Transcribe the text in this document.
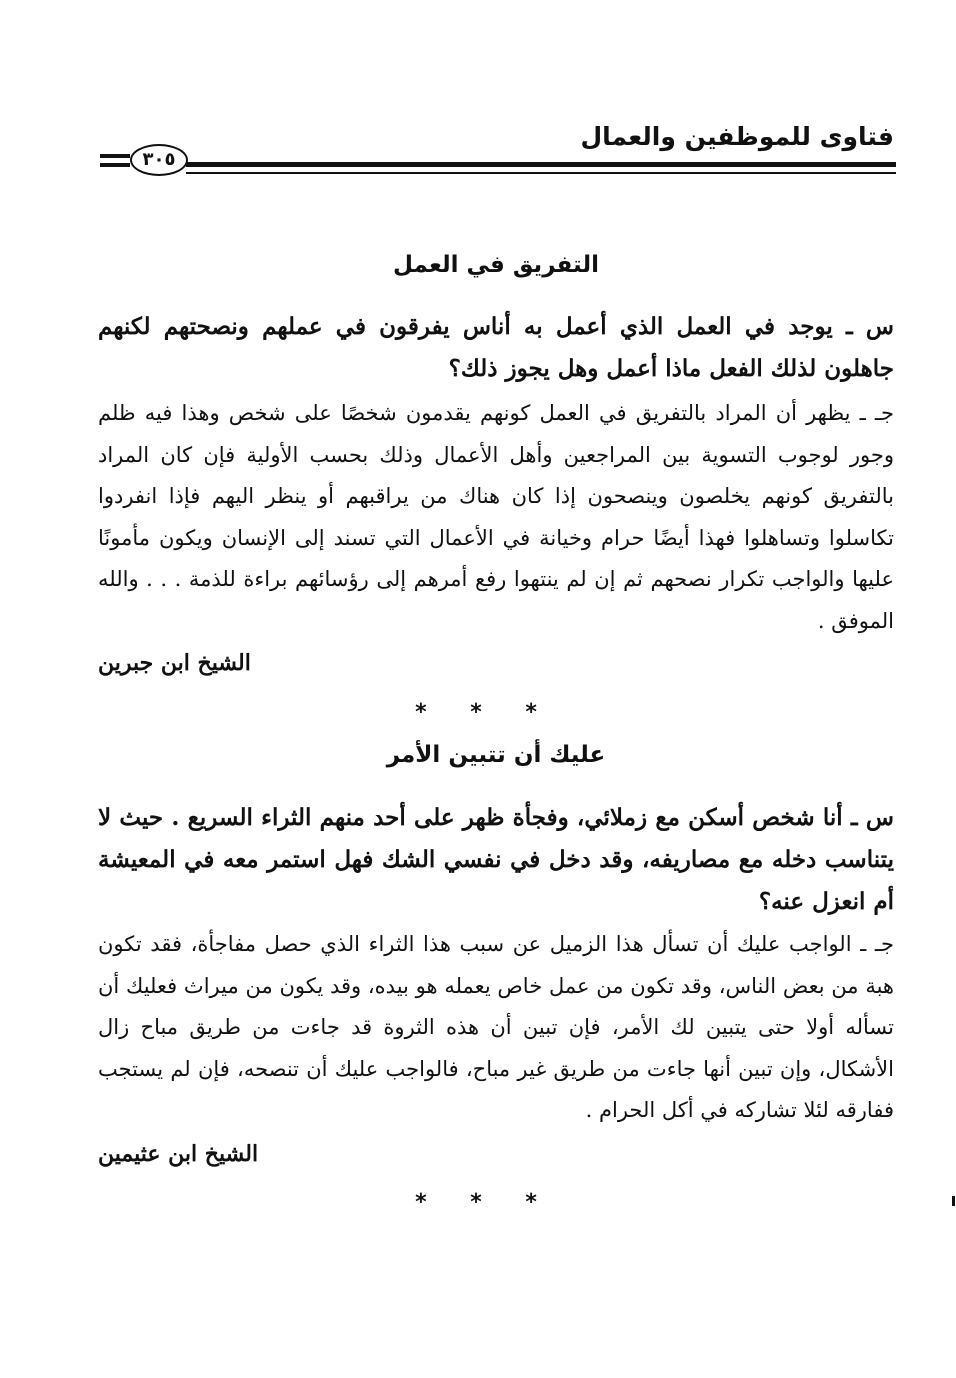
فتاوى للموظفين والعمال
٣٠٥
التفريق في العمل
س ـ يوجد في العمل الذي أعمل به أناس يفرقون في عملهم ونصحتهم لكنهم جاهلون لذلك الفعل ماذا أعمل وهل يجوز ذلك؟
جـ ـ يظهر أن المراد بالتفريق في العمل كونهم يقدمون شخصًا على شخص وهذا فيه ظلم وجور لوجوب التسوية بين المراجعين وأهل الأعمال وذلك بحسب الأولية فإن كان المراد بالتفريق كونهم يخلصون وينصحون إذا كان هناك من يراقبهم أو ينظر اليهم فإذا انفردوا تكاسلوا وتساهلوا فهذا أيضًا حرام وخيانة في الأعمال التي تسند إلى الإنسان ويكون مأمونًا عليها والواجب تكرار نصحهم ثم إن لم ينتهوا رفع أمرهم إلى رؤسائهم براءة للذمة . . . والله الموفق .
الشيخ ابن جبرين
* * *
عليك أن تتبين الأمر
س ـ أنا شخص أسكن مع زملائي، وفجأة ظهر على أحد منهم الثراء السريع . حيث لا يتناسب دخله مع مصاريفه، وقد دخل في نفسي الشك فهل استمر معه في المعيشة أم انعزل عنه؟
جـ ـ الواجب عليك أن تسأل هذا الزميل عن سبب هذا الثراء الذي حصل مفاجأة، فقد تكون هبة من بعض الناس، وقد تكون من عمل خاص يعمله هو بيده، وقد يكون من ميراث فعليك أن تسأله أولا حتى يتبين لك الأمر، فإن تبين أن هذه الثروة قد جاءت من طريق مباح زال الأشكال، وإن تبين أنها جاءت من طريق غير مباح، فالواجب عليك أن تنصحه، فإن لم يستجب ففارقه لئلا تشاركه في أكل الحرام .
الشيخ ابن عثيمين
* * *
